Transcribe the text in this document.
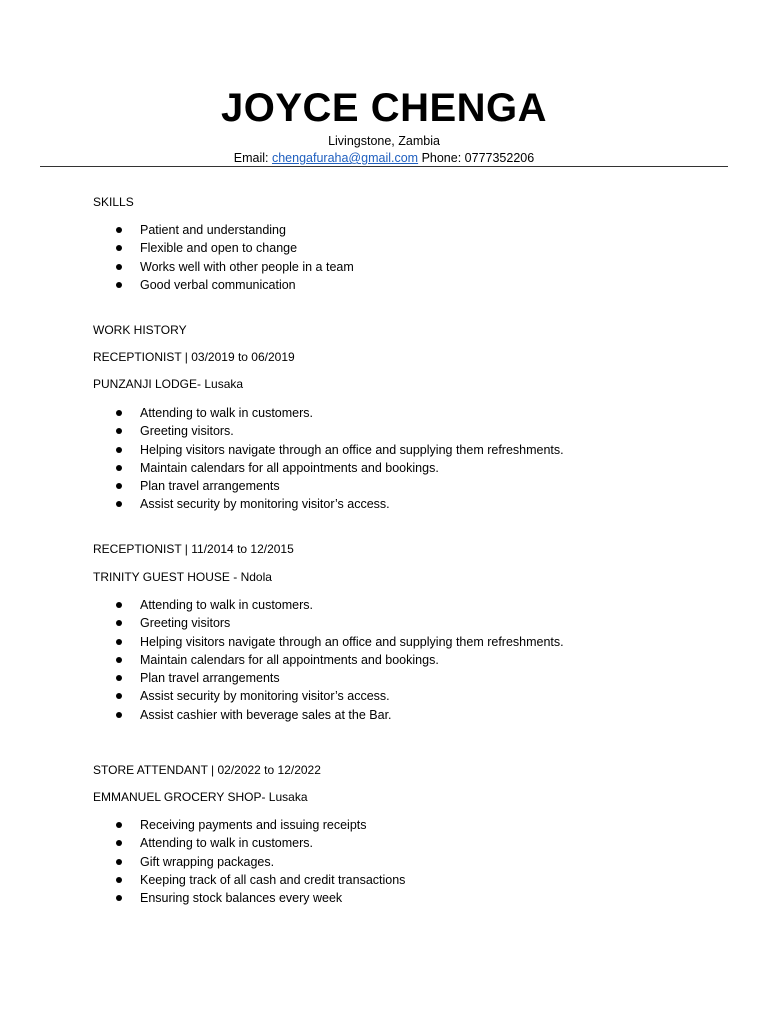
JOYCE CHENGA
Livingstone, Zambia
Email: chengafuraha@gmail.com Phone: 0777352206
SKILLS
Patient and understanding
Flexible and open to change
Works well with other people in a team
Good verbal communication
WORK HISTORY
RECEPTIONIST | 03/2019 to 06/2019
PUNZANJI LODGE- Lusaka
Attending to walk in customers.
Greeting visitors.
Helping visitors navigate through an office and supplying them refreshments.
Maintain calendars for all appointments and bookings.
Plan travel arrangements
Assist security by monitoring visitor’s access.
RECEPTIONIST | 11/2014 to 12/2015
TRINITY GUEST HOUSE - Ndola
Attending to walk in customers.
Greeting visitors
Helping visitors navigate through an office and supplying them refreshments.
Maintain calendars for all appointments and bookings.
Plan travel arrangements
Assist security by monitoring visitor’s access.
Assist cashier with beverage sales at the Bar.
STORE ATTENDANT | 02/2022 to 12/2022
EMMANUEL GROCERY SHOP- Lusaka
Receiving payments and issuing receipts
Attending to walk in customers.
Gift wrapping packages.
Keeping track of all cash and credit transactions
Ensuring stock balances every week
